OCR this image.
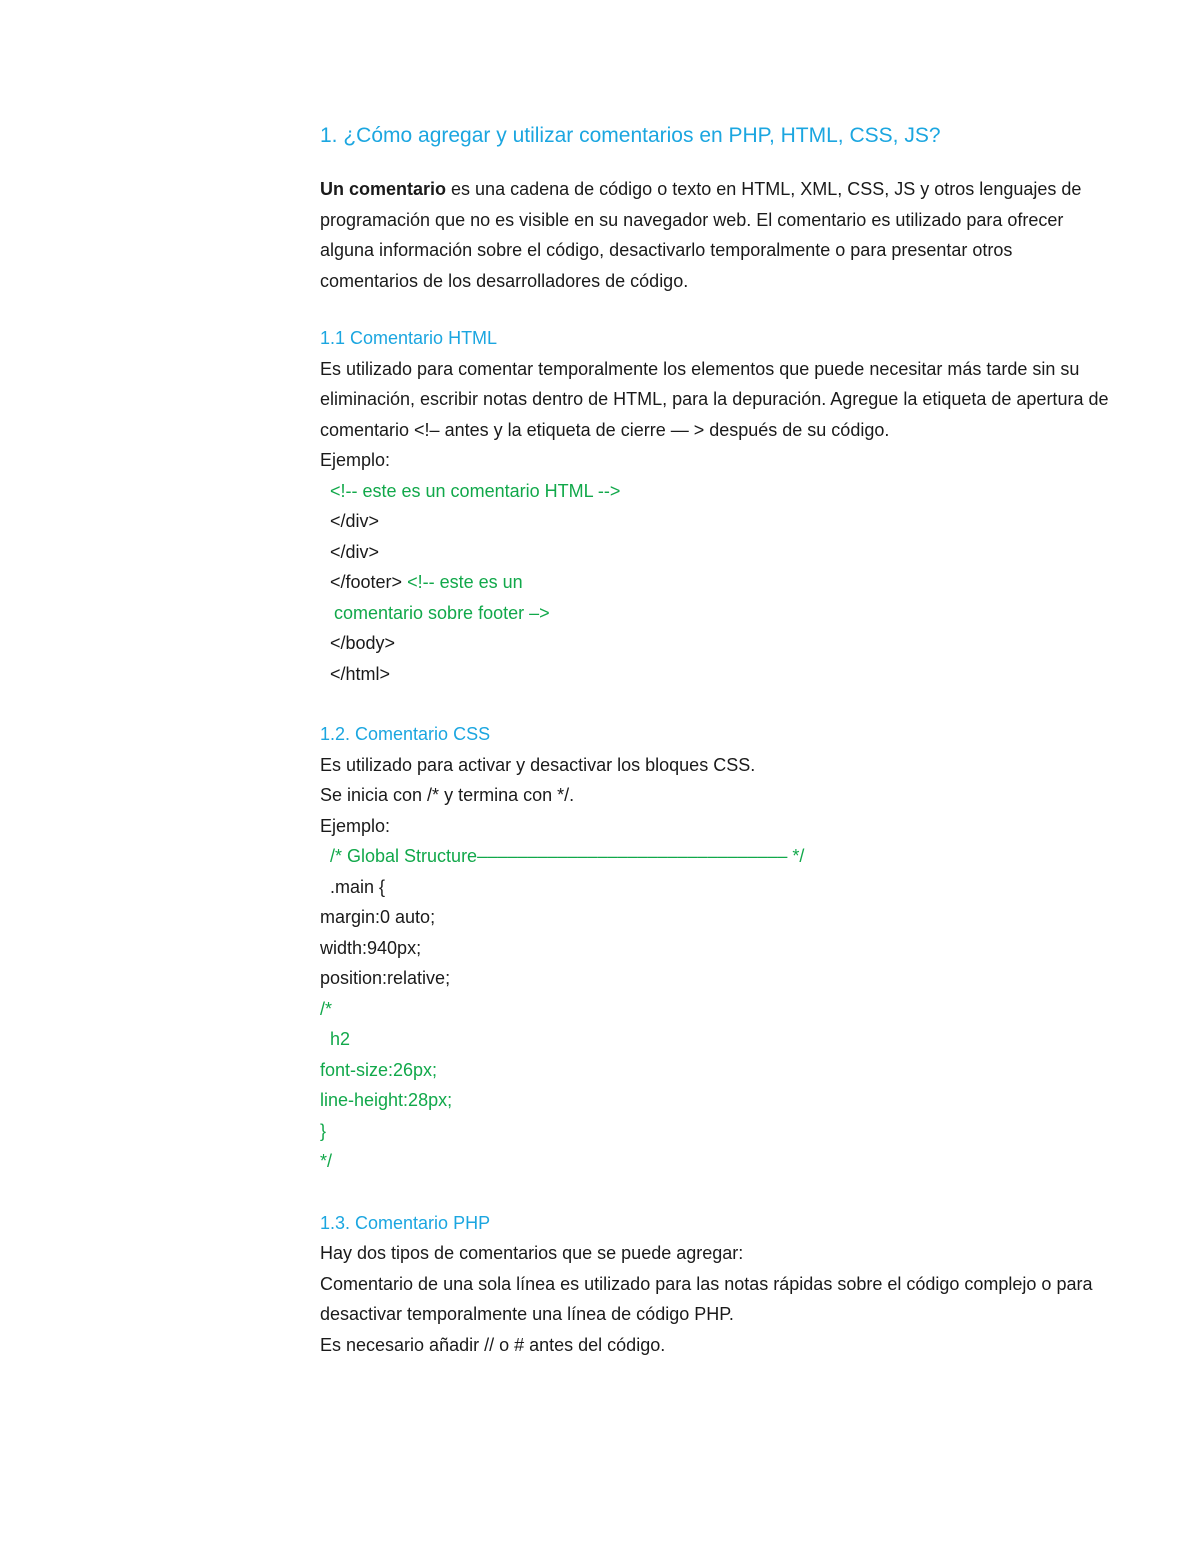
1. ¿Cómo agregar y utilizar comentarios en PHP, HTML, CSS, JS?

Un comentario es una cadena de código o texto en HTML, XML, CSS, JS y otros lenguajes de programación que no es visible en su navegador web. El comentario es utilizado para ofrecer alguna información sobre el código, desactivarlo temporalmente o para presentar otros comentarios de los desarrolladores de código.

1.1 Comentario HTML

Es utilizado para comentar temporalmente los elementos que puede necesitar más tarde sin su eliminación, escribir notas dentro de HTML, para la depuración. Agregue la etiqueta de apertura de comentario <!– antes y la etiqueta de cierre — > después de su código.

Ejemplo:
<!-- este es un comentario HTML -->
</div>
</div>
</footer> <!-- este es un
comentario sobre footer –>
</body>
</html>
1.2. Comentario CSS
Es utilizado para activar y desactivar los bloques CSS.
Se inicia con /* y termina con */.
Ejemplo:
/* Global Structure––––––––––––––––––––––––––––––– */
.main {
margin:0 auto;
width:940px;
position:relative;
/*
h2
font-size:26px;
line-height:28px;
}
*/
1.3. Comentario PHP
Hay dos tipos de comentarios que se puede agregar:

Comentario de una sola línea es utilizado para las notas rápidas sobre el código complejo o para desactivar temporalmente una línea de código PHP.

Es necesario añadir // o # antes del código.
